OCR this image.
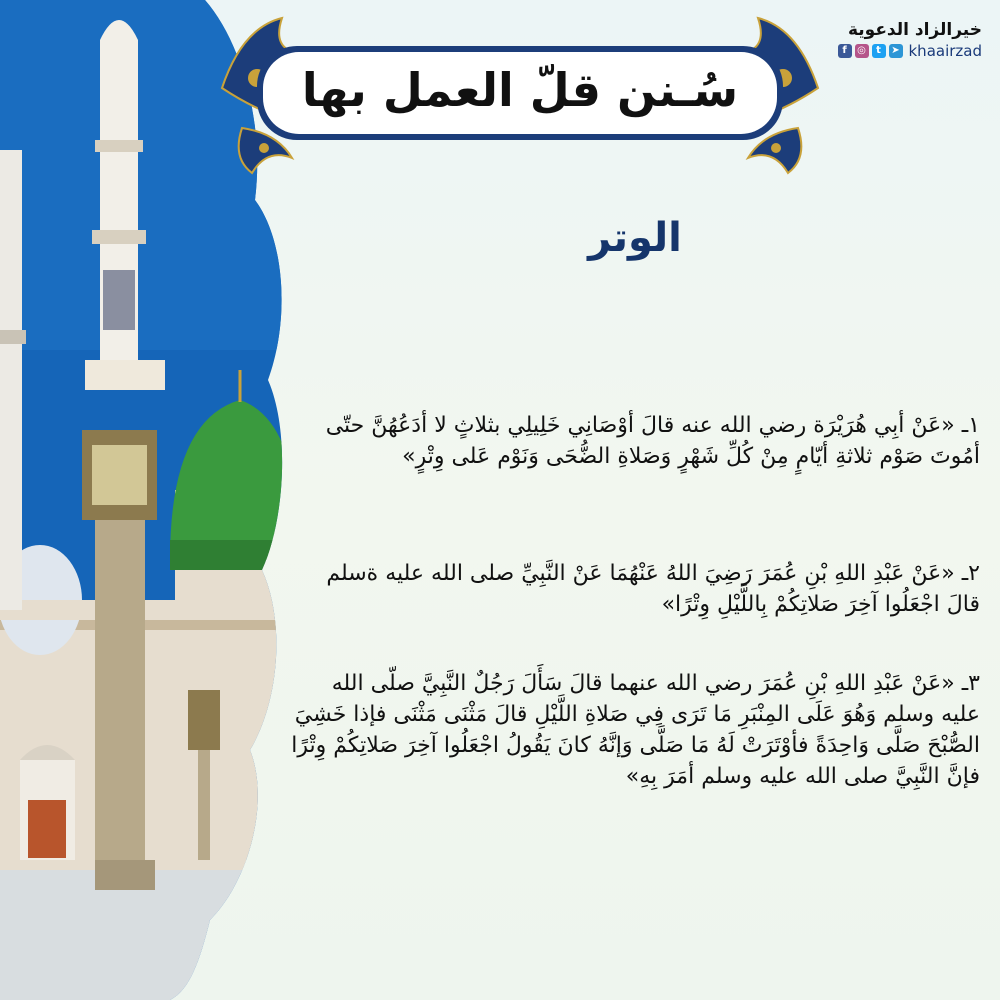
سُـنن قلّ العمل بها
خيرالزاد الدعوية
f	◎	t	➤ khaairzad
الوتر

١ـ «عَنْ أبِي هُرَيْرَة رضي الله عنه قالَ أوْصَانِي خَلِيلِي بثلاثٍ لا أدَعُهُنَّ حتّى أمُوتَ صَوْم ثلاثةِ أيّامٍ مِنْ كُلِّ شَهْرٍ وَصَلاةِ الضُّحَى وَنَوْم عَلى وِتْرٍ»

٢ـ «عَنْ عَبْدِ اللهِ بْنِ عُمَرَ رَضِيَ اللهُ عَنْهُمَا عَنْ النَّبِيِّ صلى الله عليه ةسلم قالَ اجْعَلُوا آخِرَ صَلاتِكُمْ بِاللَّيْلِ وِتْرًا»

٣ـ «عَنْ عَبْدِ اللهِ بْنِ عُمَرَ رضي الله عنهما قالَ سَأَلَ رَجُلٌ النَّبِيَّ صلّى الله عليه وسلم وَهُوَ عَلَى المِنْبَرِ مَا تَرَى فِي صَلاةِ اللَّيْلِ قالَ مَثْنَى مَثْنَى فإذا خَشِيَ الصُّبْحَ صَلَّى وَاحِدَةً فأوْتَرَتْ لَهُ مَا صَلَّى وَإنَّهُ كانَ يَقُولُ اجْعَلُوا آخِرَ صَلاتِكُمْ وِتْرًا فإنَّ النَّبِيَّ صلى الله عليه وسلم أمَرَ بِهِ»
